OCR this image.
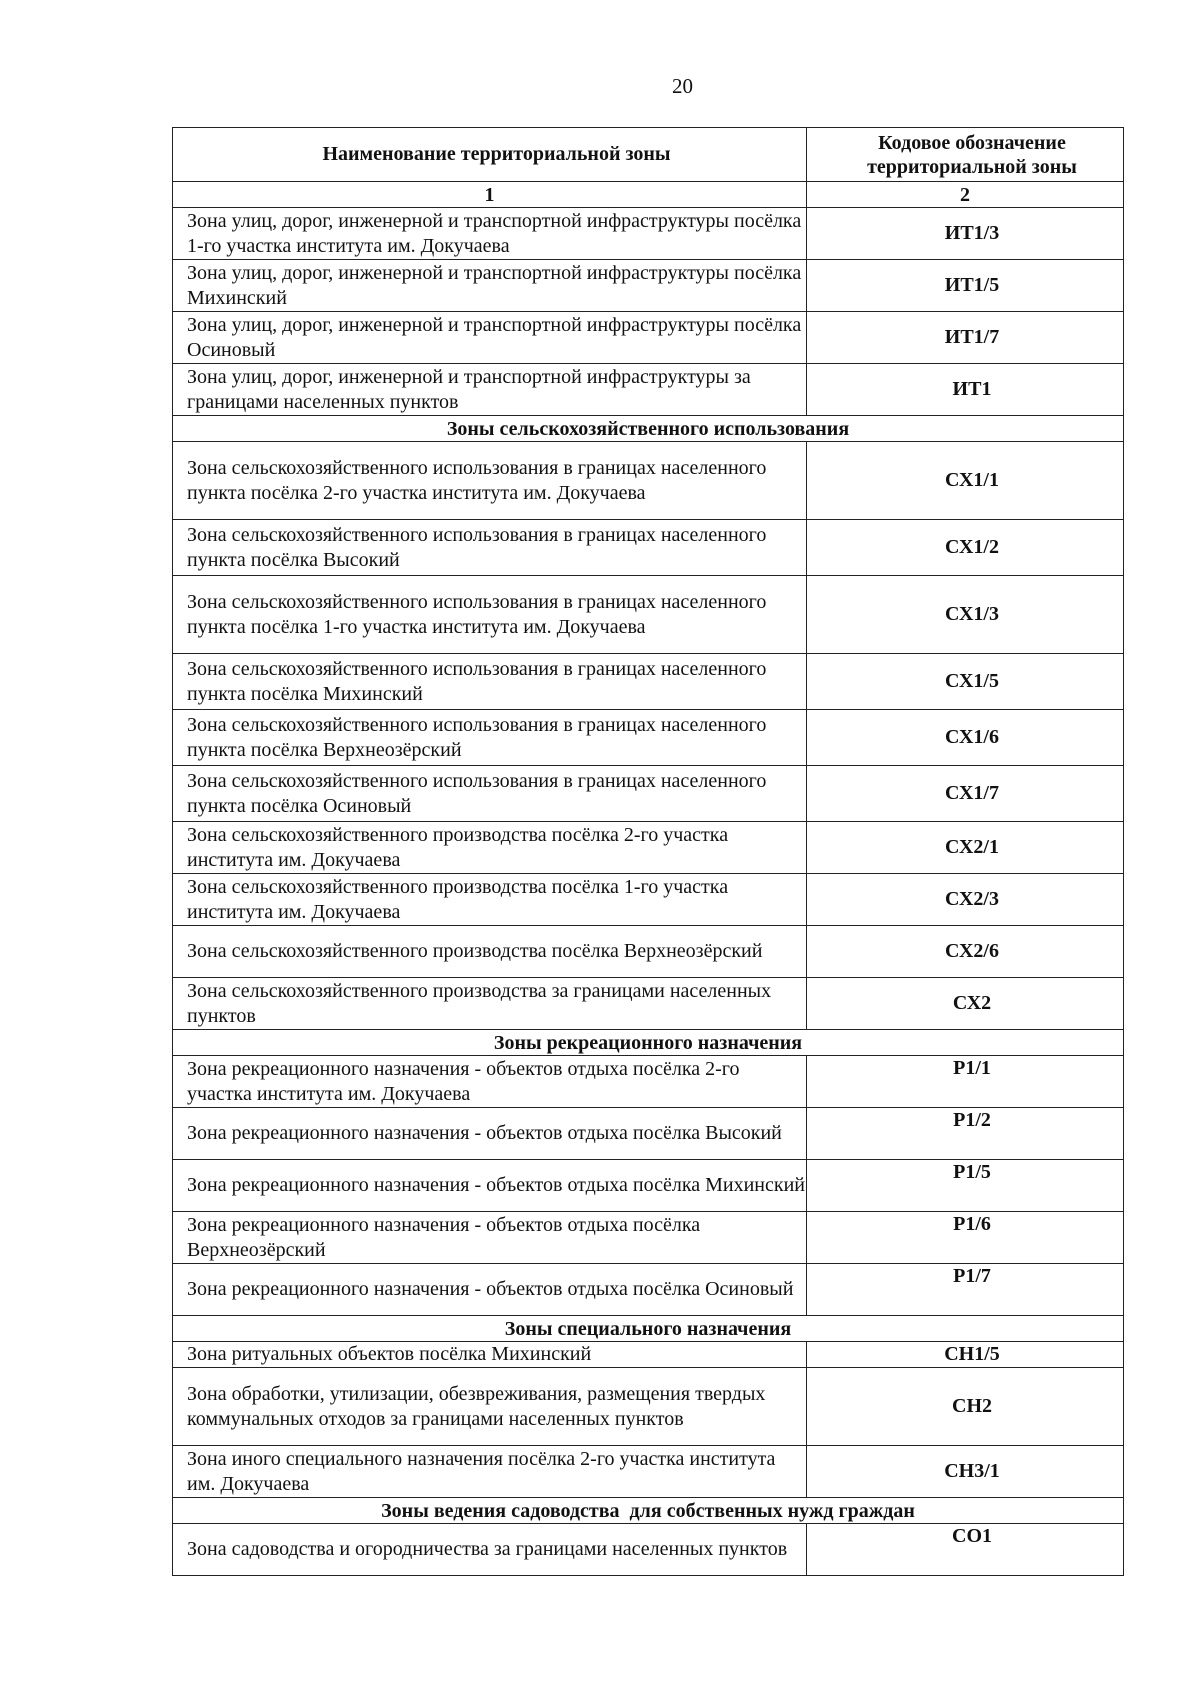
20
Наименование территориальной зоны	Кодовое обозначение территориальной зоны
1	2
Зона улиц, дорог, инженерной и транспортной инфраструктуры посёлка 1-го участка института им. Докучаева	ИТ1/3
Зона улиц, дорог, инженерной и транспортной инфраструктуры посёлка Михинский	ИТ1/5
Зона улиц, дорог, инженерной и транспортной инфраструктуры посёлка Осиновый	ИТ1/7
Зона улиц, дорог, инженерной и транспортной инфраструктуры за границами населенных пунктов	ИТ1
Зоны сельскохозяйственного использования	
Зона сельскохозяйственного использования в границах населенного пункта посёлка 2-го участка института им. Докучаева	СХ1/1
Зона сельскохозяйственного использования в границах населенного пункта посёлка Высокий	СХ1/2
Зона сельскохозяйственного использования в границах населенного пункта посёлка 1-го участка института им. Докучаева	СХ1/3
Зона сельскохозяйственного использования в границах населенного пункта посёлка Михинский	СХ1/5
Зона сельскохозяйственного использования в границах населенного пункта посёлка Верхнеозёрский	СХ1/6
Зона сельскохозяйственного использования в границах населенного пункта посёлка Осиновый	СХ1/7
Зона сельскохозяйственного производства посёлка 2-го участка института им. Докучаева	СХ2/1
Зона сельскохозяйственного производства посёлка 1-го участка института им. Докучаева	СХ2/3
Зона сельскохозяйственного производства посёлка Верхнеозёрский	СХ2/6
Зона сельскохозяйственного производства за границами населенных пунктов	СХ2
Зоны рекреационного назначения	
Зона рекреационного назначения - объектов отдыха посёлка 2-го участка института им. Докучаева	Р1/1
Зона рекреационного назначения - объектов отдыха посёлка Высокий	Р1/2
Зона рекреационного назначения - объектов отдыха посёлка Михинский	Р1/5
Зона рекреационного назначения - объектов отдыха посёлка Верхнеозёрский	Р1/6
Зона рекреационного назначения - объектов отдыха посёлка Осиновый	Р1/7
Зоны специального назначения	
Зона ритуальных объектов посёлка Михинский	СН1/5
Зона обработки, утилизации, обезвреживания, размещения твердых коммунальных отходов за границами населенных пунктов	СН2
Зона иного специального назначения посёлка 2-го участка института им. Докучаева	СН3/1
Зоны ведения садоводства  для собственных нужд граждан	
Зона садоводства и огородничества за границами населенных пунктов	СО1
